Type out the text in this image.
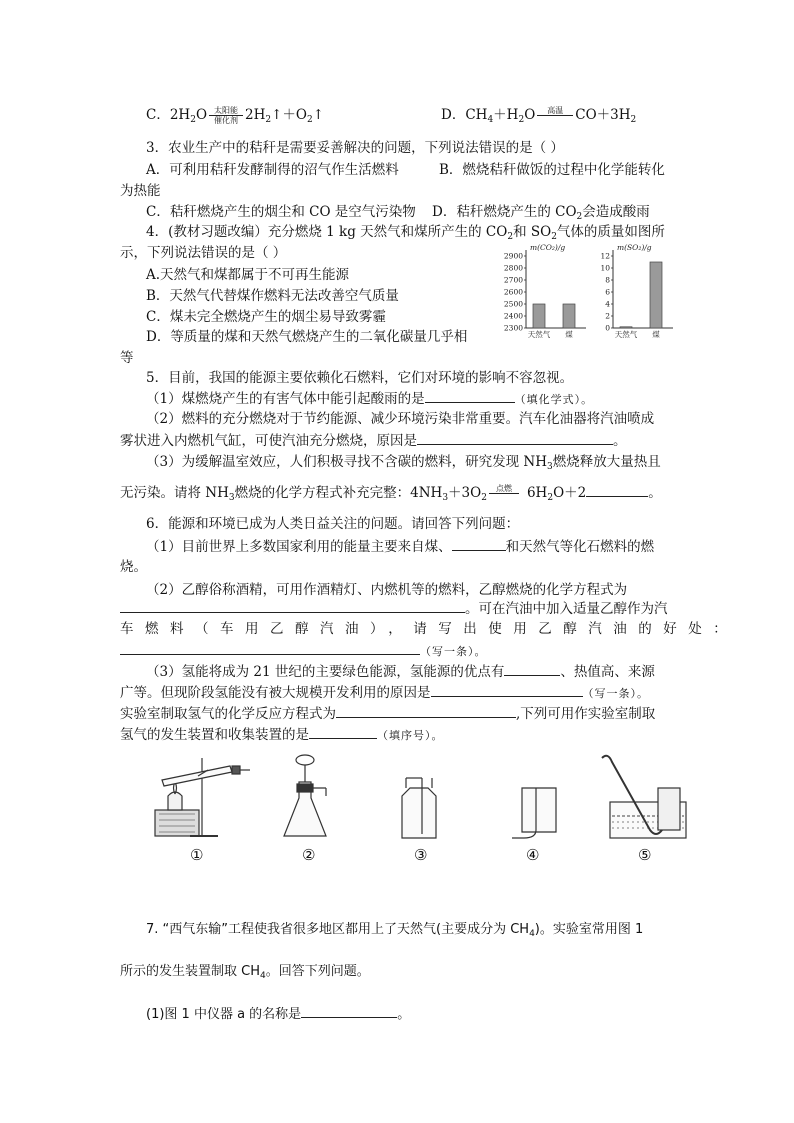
C．$2H_2O$ 太阳能
催化剂 $2H_2↑+O_2↑$	D．$CH_4+H_2O$	高温
$CO+3H_2$
3．农业生产中的秸秆是需要妥善解决的问题，下列说法错误的是（ ）
A．可利用秸秆发酵制得的沼气作生活燃料	B．燃烧秸秆做饭的过程中化学能转化
为热能
C．秸秆燃烧产生的烟尘和 CO 是空气污染物 D．秸秆燃烧产生的 $CO_2$会造成酸雨
4．(教材习题改编）充分燃烧 1 kg 天然气和煤所产生的 $CO_2$和 $SO_2$气体的质量如图所
示，下列说法错误的是（ ）
A.天然气和煤都属于不可再生能源
B．天然气代替煤作燃料无法改善空气质量
C．煤未完全燃烧产生的烟尘易导致雾霾
D．等质量的煤和天然气燃烧产生的二氧化碳量几乎相
等
m(CO₂)/g
2300
2400
2500
2600
2700
2800
2900
天然气 煤
m(SO₂)/g
0
2
4
6
8
10
12
天然气 煤
5．目前，我国的能源主要依赖化石燃料，它们对环境的影响不容忽视。
（1）煤燃烧产生的有害气体中能引起酸雨的是	（填化学式）。
（2）燃料的充分燃烧对于节约能源、减少环境污染非常重要。汽车化油器将汽油喷成
雾状进入内燃机气缸，可使汽油充分燃烧，原因是	。
（3）为缓解温室效应，人们积极寻找不含碳的燃料，研究发现 $NH_3$燃烧释放大量热且
无污染。请将 $NH_3$燃烧的化学方程式补充完整：$4NH_3+3O_2$
点燃
	$6H_2O+2$	。
6．能源和环境已成为人类日益关注的问题。请回答下列问题：
（1）目前世界上多数国家利用的能量主要来自煤、	和天然气等化石燃料的燃
烧。
（2）乙醇俗称酒精，可用作酒精灯、内燃机等的燃料，乙醇燃烧的化学方程式为
。可在汽油中加入适量乙醇作为汽
车燃料（车用乙醇汽油），请写出使用乙醇汽油的好处：
（写一条）。
（3）氢能将成为 21 世纪的主要绿色能源，氢能源的优点有	、热值高、来源
广等。但现阶段氢能没有被大规模开发利用的原因是	（写一条）。
实验室制取氢气的化学反应方程式为	,下列可用作实验室制取
氢气的发生装置和收集装置的是	（填序号）。
①	②	③	④	⑤
7. “西气东输”工程使我省很多地区都用上了天然气(主要成分为 $CH_4$)。实验室常用图 1
所示的发生装置制取 $CH_4$。回答下列问题。
(1)图 1 中仪器 a 的名称是	。
